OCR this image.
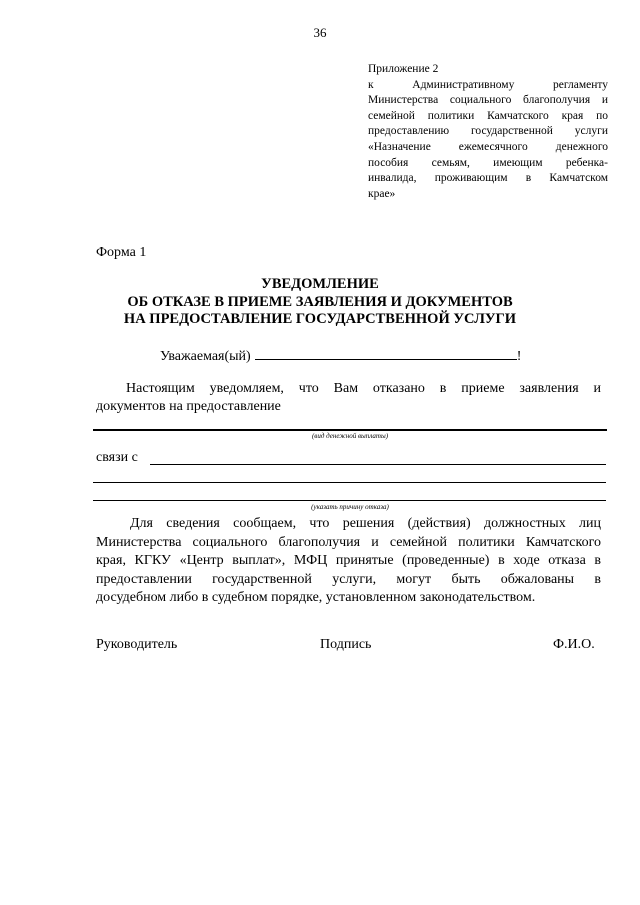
36
Приложение 2
к Административному регламенту
Министерства социального благополучия и
семейной политики Камчатского края по
предоставлению государственной услуги
«Назначение ежемесячного денежного
пособия семьям, имеющим ребенка-
инвалида, проживающим в Камчатском
крае»
Форма 1
УВЕДОМЛЕНИЕ
ОБ ОТКАЗЕ В ПРИЕМЕ ЗАЯВЛЕНИЯ И ДОКУМЕНТОВ
НА ПРЕДОСТАВЛЕНИЕ ГОСУДАРСТВЕННОЙ УСЛУГИ
Уважаемая(ый)	!
Настоящим уведомляем, что Вам отказано в приеме заявления и
документов на предоставление
(вид денежной выплаты)
связи с
(указать причину отказа)
Для сведения сообщаем, что решения (действия) должностных лиц
Министерства социального благополучия и семейной политики Камчатского
края, КГКУ «Центр выплат», МФЦ принятые (проведенные) в ходе отказа в
предоставлении государственной услуги, могут быть обжалованы в
досудебном либо в судебном порядке, установленном законодательством.
Руководитель	Подпись	Ф.И.О.
